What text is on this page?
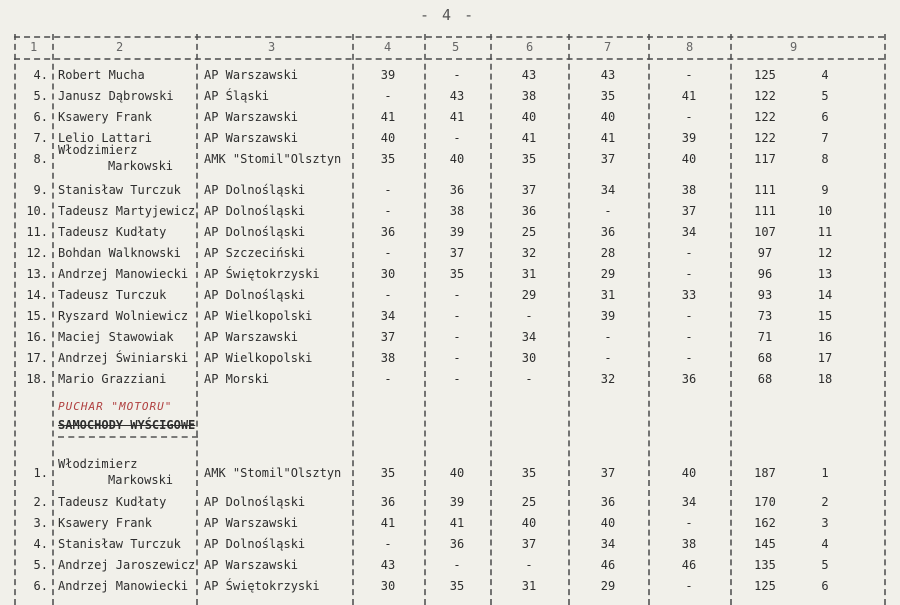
- 4 -
1	2	3	4	5	6	7	8	9
4. Robert Mucha	AP Warszawski	39	-	43	43	-	125	4
5. Janusz Dąbrowski	AP Śląski	-	43	38	35	41	122	5
6. Ksawery Frank	AP Warszawski	41	41	40	40	-	122	6
7. Lelio Lattari	AP Warszawski	40	-	41	41	39	122	7
8.
Włodzimierz
Markowski	AMK "Stomil"Olsztyn	35	40	35	37	40	117	8
9. Stanisław Turczuk	AP Dolnośląski	-	36	37	34	38	111	9
10. Tadeusz Martyjewicz AP Dolnośląski	-	38	36	-	37	111	10
11. Tadeusz Kudłaty	AP Dolnośląski	36	39	25	36	34	107	11
12. Bohdan Walknowski	AP Szczeciński	-	37	32	28	-	97	12
13. Andrzej Manowiecki	AP Świętokrzyski	30	35	31	29	-	96	13
14. Tadeusz Turczuk	AP Dolnośląski	-	-	29	31	33	93	14
15. Ryszard Wolniewicz	AP Wielkopolski	34	-	-	39	-	73	15
16. Maciej Stawowiak	AP Warszawski	37	-	34	-	-	71	16
17. Andrzej Świniarski	AP Wielkopolski	38	-	30	-	-	68	17
18. Mario Grazziani	AP Morski	-	-	-	32	36	68	18
PUCHAR "MOTORU"
SAMOCHODY WYŚCIGOWE
1.
Włodzimierz
Markowski	AMK "Stomil"Olsztyn	35	40	35	37	40	187	1
2. Tadeusz Kudłaty	AP Dolnośląski	36	39	25	36	34	170	2
3. Ksawery Frank	AP Warszawski	41	41	40	40	-	162	3
4. Stanisław Turczuk	AP Dolnośląski	-	36	37	34	38	145	4
5. Andrzej Jaroszewicz AP Warszawski	43	-	-	46	46	135	5
6. Andrzej Manowiecki	AP Świętokrzyski	30	35	31	29	-	125	6
